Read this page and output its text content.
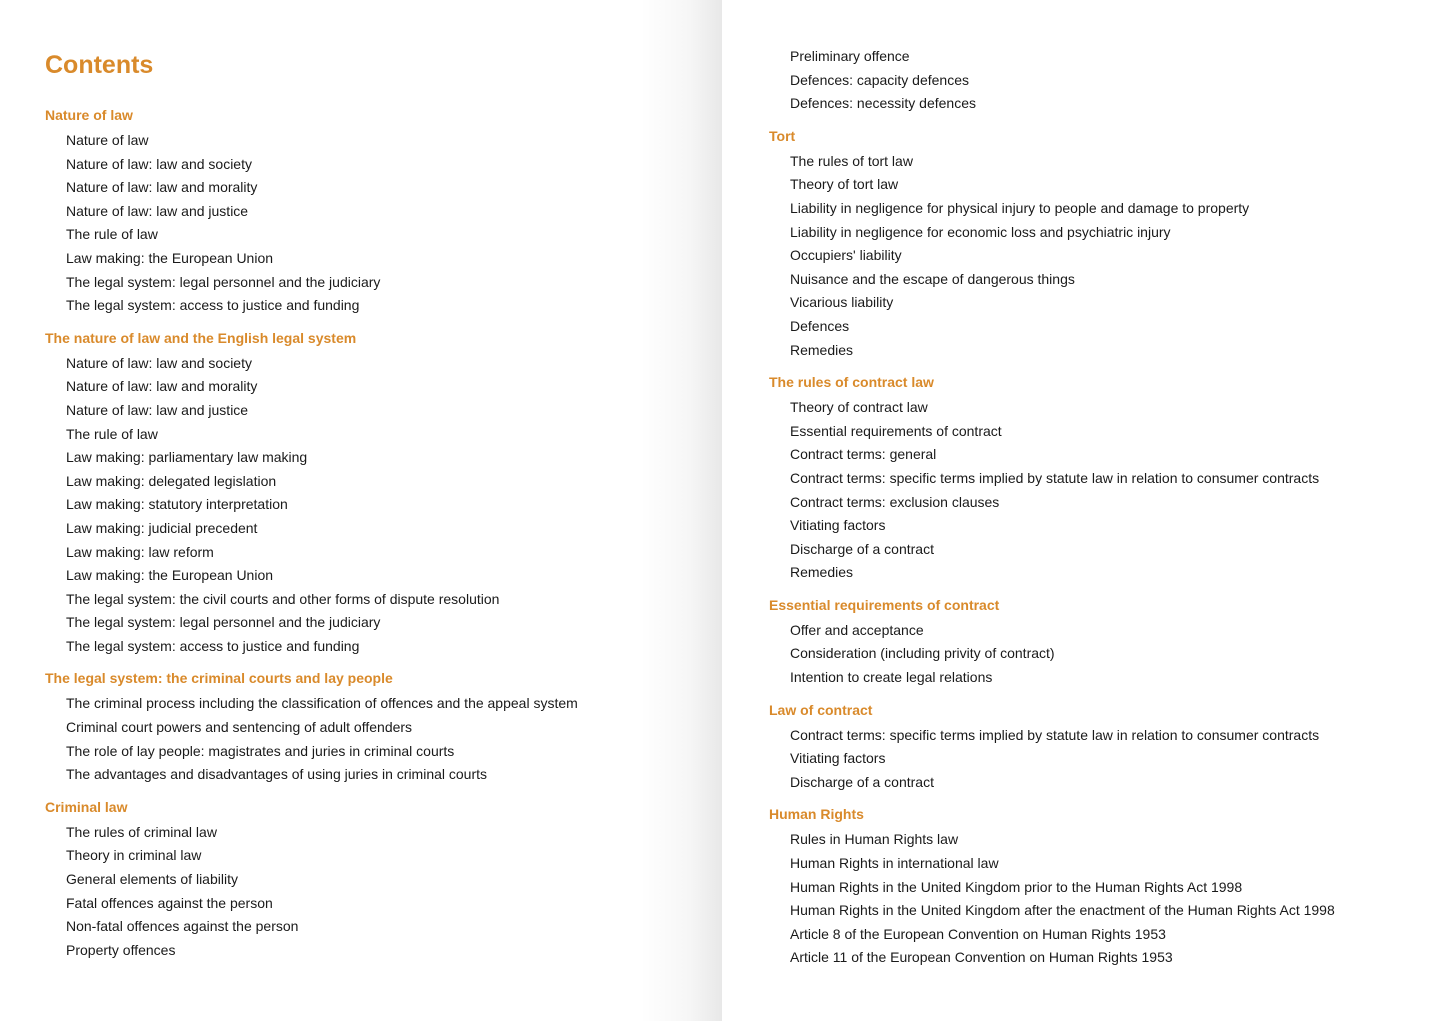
Contents
Nature of law
Nature of law
Nature of law: law and society
Nature of law: law and morality
Nature of law: law and justice
The rule of law
Law making: the European Union
The legal system: legal personnel and the judiciary
The legal system: access to justice and funding
The nature of law and the English legal system
Nature of law: law and society
Nature of law: law and morality
Nature of law: law and justice
The rule of law
Law making: parliamentary law making
Law making: delegated legislation
Law making: statutory interpretation
Law making: judicial precedent
Law making: law reform
Law making: the European Union
The legal system: the civil courts and other forms of dispute resolution
The legal system: legal personnel and the judiciary
The legal system: access to justice and funding
The legal system: the criminal courts and lay people
The criminal process including the classification of offences and the appeal system
Criminal court powers and sentencing of adult offenders
The role of lay people: magistrates and juries in criminal courts
The advantages and disadvantages of using juries in criminal courts
Criminal law
The rules of criminal law
Theory in criminal law
General elements of liability
Fatal offences against the person
Non-fatal offences against the person
Property offences
Preliminary offence
Defences: capacity defences
Defences: necessity defences
Tort
The rules of tort law
Theory of tort law
Liability in negligence for physical injury to people and damage to property
Liability in negligence for economic loss and psychiatric injury
Occupiers' liability
Nuisance and the escape of dangerous things
Vicarious liability
Defences
Remedies
The rules of contract law
Theory of contract law
Essential requirements of contract
Contract terms: general
Contract terms: specific terms implied by statute law in relation to consumer contracts
Contract terms: exclusion clauses
Vitiating factors
Discharge of a contract
Remedies
Essential requirements of contract
Offer and acceptance
Consideration (including privity of contract)
Intention to create legal relations
Law of contract
Contract terms: specific terms implied by statute law in relation to consumer contracts
Vitiating factors
Discharge of a contract
Human Rights
Rules in Human Rights law
Human Rights in international law
Human Rights in the United Kingdom prior to the Human Rights Act 1998
Human Rights in the United Kingdom after the enactment of the Human Rights Act 1998
Article 8 of the European Convention on Human Rights 1953
Article 11 of the European Convention on Human Rights 1953
